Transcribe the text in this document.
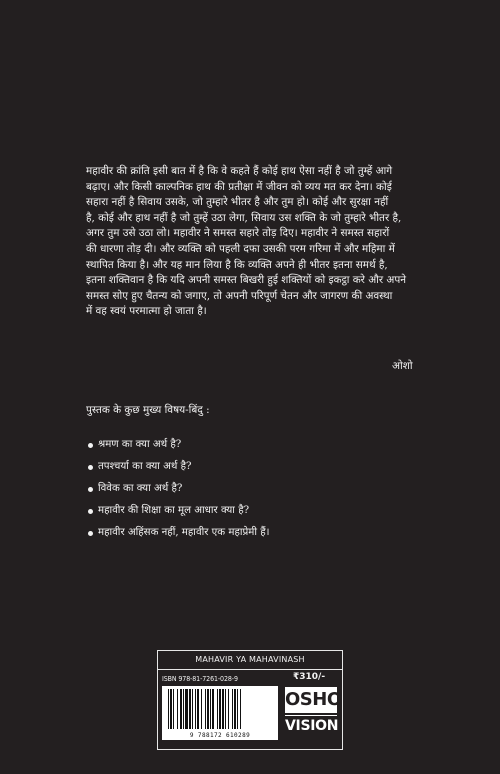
महावीर की क्रांति इसी बात में है कि वे कहते हैं कोई हाथ ऐसा नहीं है जो तुम्हें आगे

बढ़ाए। और किसी काल्पनिक हाथ की प्रतीक्षा में जीवन को व्यय मत कर देना। कोई

सहारा नहीं है सिवाय उसके, जो तुम्हारे भीतर है और तुम हो। कोई और सुरक्षा नहीं

है, कोई और हाथ नहीं है जो तुम्हें उठा लेगा, सिवाय उस शक्ति के जो तुम्हारे भीतर है,

अगर तुम उसे उठा लो। महावीर ने समस्त सहारे तोड़ दिए। महावीर ने समस्त सहारों

की धारणा तोड़ दी। और व्यक्ति को पहली दफा उसकी परम गरिमा में और महिमा में

स्थापित किया है। और यह मान लिया है कि व्यक्ति अपने ही भीतर इतना समर्थ है,

इतना शक्तिवान है कि यदि अपनी समस्त बिखरी हुई शक्तियों को इकट्ठा करे और अपने

समस्त सोए हुए चैतन्य को जगाए, तो अपनी परिपूर्ण चेतन और जागरण की अवस्था

में वह स्वयं परमात्मा हो जाता है।

ओशो
पुस्तक के कुछ मुख्य विषय-बिंदु :
श्रमण का क्या अर्थ है?
तपश्चर्या का क्या अर्थ है?
विवेक का क्या अर्थ है?
महावीर की शिक्षा का मूल आधार क्या है?
महावीर अहिंसक नहीं, महावीर एक महाप्रेमी हैं।
MAHAVIR YA MAHAVINASH
ISBN 978-81-7261-028-9	₹310/-
9 788172 610289
OSHO
VISION
